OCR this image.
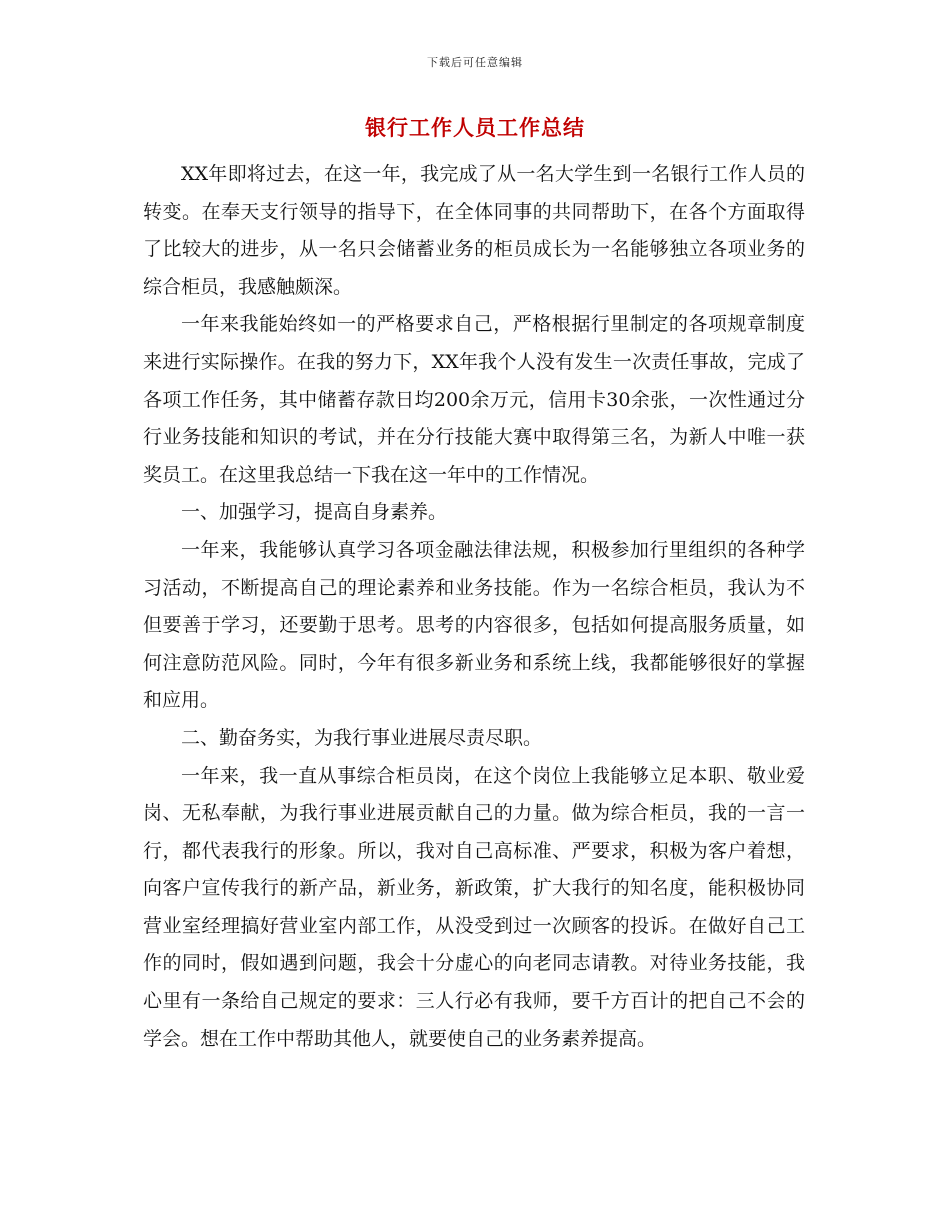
下载后可任意编辑
银行工作人员工作总结

XX年即将过去，在这一年，我完成了从一名大学生到一名银行工作人员的转变。在奉天支行领导的指导下，在全体同事的共同帮助下，在各个方面取得了比较大的进步，从一名只会储蓄业务的柜员成长为一名能够独立各项业务的综合柜员，我感触颇深。

一年来我能始终如一的严格要求自己，严格根据行里制定的各项规章制度来进行实际操作。在我的努力下，XX年我个人没有发生一次责任事故，完成了各项工作任务，其中储蓄存款日均200余万元，信用卡30余张，一次性通过分行业务技能和知识的考试，并在分行技能大赛中取得第三名，为新人中唯一获奖员工。在这里我总结一下我在这一年中的工作情况。

一、加强学习，提高自身素养。

一年来，我能够认真学习各项金融法律法规，积极参加行里组织的各种学习活动，不断提高自己的理论素养和业务技能。作为一名综合柜员，我认为不但要善于学习，还要勤于思考。思考的内容很多，包括如何提高服务质量，如何注意防范风险。同时，今年有很多新业务和系统上线，我都能够很好的掌握和应用。

二、勤奋务实，为我行事业进展尽责尽职。

一年来，我一直从事综合柜员岗，在这个岗位上我能够立足本职、敬业爱岗、无私奉献，为我行事业进展贡献自己的力量。做为综合柜员，我的一言一行，都代表我行的形象。所以，我对自己高标准、严要求，积极为客户着想，向客户宣传我行的新产品，新业务，新政策，扩大我行的知名度，能积极协同营业室经理搞好营业室内部工作，从没受到过一次顾客的投诉。在做好自己工作的同时，假如遇到问题，我会十分虚心的向老同志请教。对待业务技能，我心里有一条给自己规定的要求：三人行必有我师，要千方百计的把自己不会的学会。想在工作中帮助其他人，就要使自己的业务素养提高。
